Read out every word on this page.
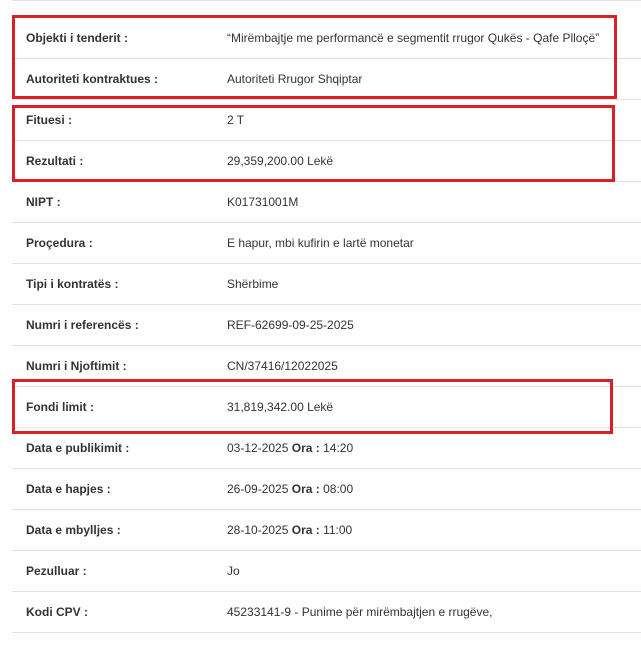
Objekti i tenderit :	“Mirëmbajtje me performancë e segmentit rrugor Qukës - Qafe Plloçë”
Autoriteti kontraktues :	Autoriteti Rrugor Shqiptar
Fituesi :	2 T
Rezultati :	29,359,200.00 Lekë
NIPT :	K01731001M
Proçedura :	E hapur, mbi kufirin e lartë monetar
Tipi i kontratës :	Shërbime
Numri i referencës :	REF-62699-09-25-2025
Numri i Njoftimit :	CN/37416/12022025
Fondi limit :	31,819,342.00 Lekë
Data e publikimit :	03-12-2025 Ora : 14:20
Data e hapjes :	26-09-2025 Ora : 08:00
Data e mbylljes :	28-10-2025 Ora : 11:00
Pezulluar :	Jo
Kodi CPV :	45233141-9 - Punime për mirëmbajtjen e rrugëve,
